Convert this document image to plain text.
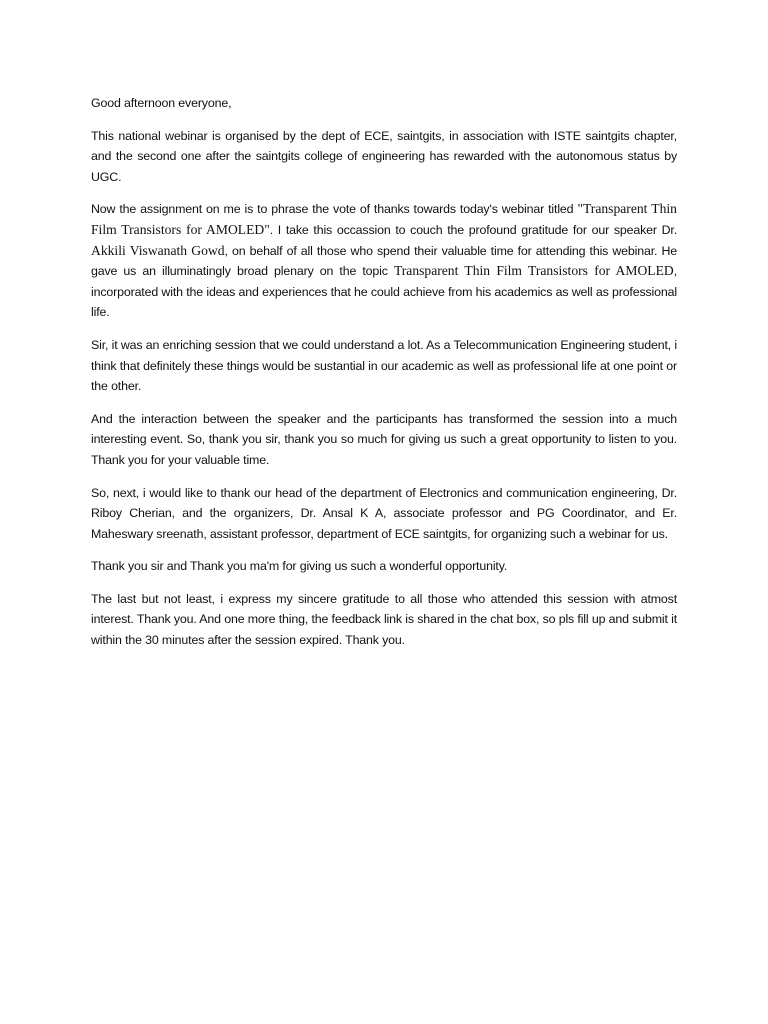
Good afternoon everyone,

This national webinar is organised by the dept of ECE, saintgits, in association with ISTE saintgits chapter, and the second one after the saintgits college of engineering has rewarded with the autonomous status by UGC.

Now the assignment on me is to phrase the vote of thanks towards today's webinar titled "Transparent Thin Film Transistors for AMOLED". I take this occassion to couch the profound gratitude for our speaker Dr. Akkili Viswanath Gowd, on behalf of all those who spend their valuable time for attending this webinar. He gave us an illuminatingly broad plenary on the topic Transparent Thin Film Transistors for AMOLED, incorporated with the ideas and experiences that he could achieve from his academics as well as professional life.

Sir, it was an enriching session that we could understand a lot. As a Telecommunication Engineering student, i think that definitely these things would be sustantial in our academic as well as professional life at one point or the other.

And the interaction between the speaker and the participants has transformed the session into a much interesting event. So, thank you sir, thank you so much for giving us such a great opportunity to listen to you. Thank you for your valuable time.

So, next, i would like to thank our head of the department of Electronics and communication engineering, Dr. Riboy Cherian, and the organizers, Dr. Ansal K A, associate professor and PG Coordinator, and Er. Maheswary sreenath, assistant professor, department of ECE saintgits, for organizing such a webinar for us.

Thank you sir and Thank you ma'm for giving us such a wonderful opportunity.

The last but not least, i express my sincere gratitude to all those who attended this session with atmost interest. Thank you. And one more thing, the feedback link is shared in the chat box, so pls fill up and submit it within the 30 minutes after the session expired. Thank you.
